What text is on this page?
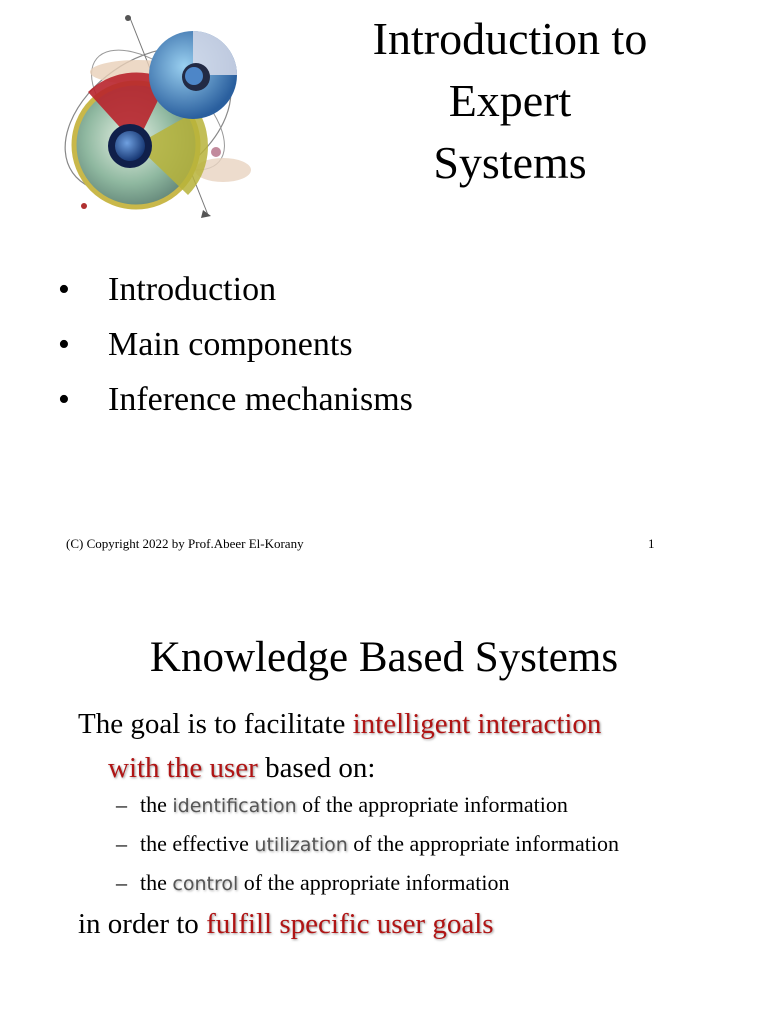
Introduction to
Expert
Systems
•	Introduction
•	Main components
•	Inference mechanisms
(C) Copyright 2022 by Prof.Abeer El-Korany	1
Knowledge Based Systems
The goal is to facilitate intelligent interaction
with the user based on:
– the identification of the appropriate information
– the effective utilization of the appropriate information
– the control of the appropriate information
in order to fulfill specific user goals
